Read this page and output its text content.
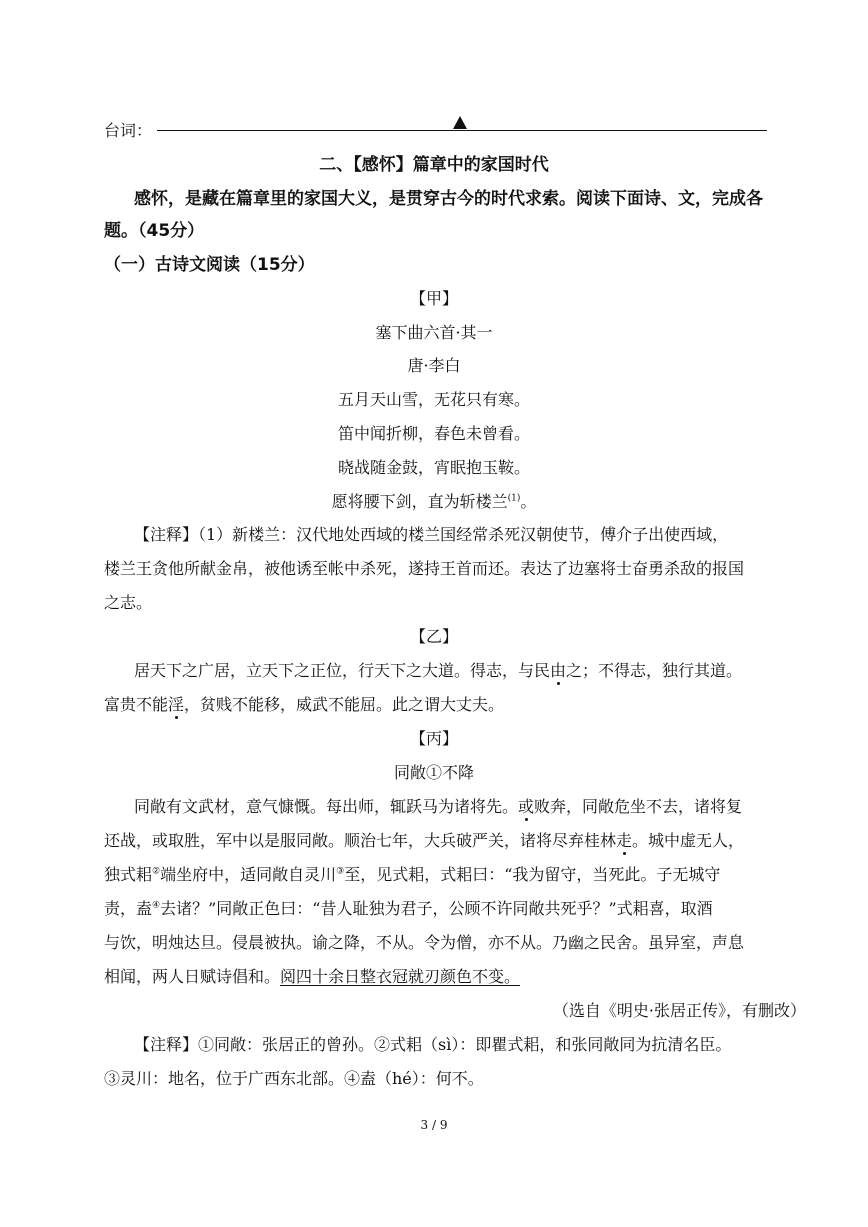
台词：
二、【感怀】篇章中的家国时代
感怀，是藏在篇章里的家国大义，是贯穿古今的时代求索。阅读下面诗、文，完成各
题。（45分）
（一）古诗文阅读（15分）
【甲】
塞下曲六首·其一
唐·李白
五月天山雪，无花只有寒。
笛中闻折柳，春色未曾看。
晓战随金鼓，宵眠抱玉鞍。
愿将腰下剑，直为斩楼兰$^{(1)}$。
【注释】（1）新楼兰：汉代地处西域的楼兰国经常杀死汉朝使节，傅介子出使西域，
楼兰王贪他所献金帛，被他诱至帐中杀死，遂持王首而还。表达了边塞将士奋勇杀敌的报国
之志。
【乙】
居天下之广居，立天下之正位，行天下之大道。得志，与民由之；不得志，独行其道。
富贵不能淫，贫贱不能移，威武不能屈。此之谓大丈夫。
【丙】
同敞①不降
同敞有文武材，意气慷慨。每出师，辄跃马为诸将先。或败奔，同敞危坐不去，诸将复
还战，或取胜，军中以是服同敞。顺治七年，大兵破严关，诸将尽弃桂林走。城中虚无人，
独式耜②端坐府中，适同敞自灵川③至，见式耜，式耜曰：“我为留守，当死此。子无城守
责，盍④去诸？”同敞正色曰：“昔人耻独为君子，公顾不许同敞共死乎？”式耜喜，取酒
与饮，明烛达旦。侵晨被执。谕之降，不从。令为僧，亦不从。乃幽之民舍。虽异室，声息
相闻，两人日赋诗倡和。阅四十余日整衣冠就刃颜色不变。
（选自《明史·张居正传》，有删改）
【注释】①同敞：张居正的曾孙。②式耜（sì）：即瞿式耜，和张同敞同为抗清名臣。
③灵川：地名，位于广西东北部。④盍（hé）：何不。
3 / 9
